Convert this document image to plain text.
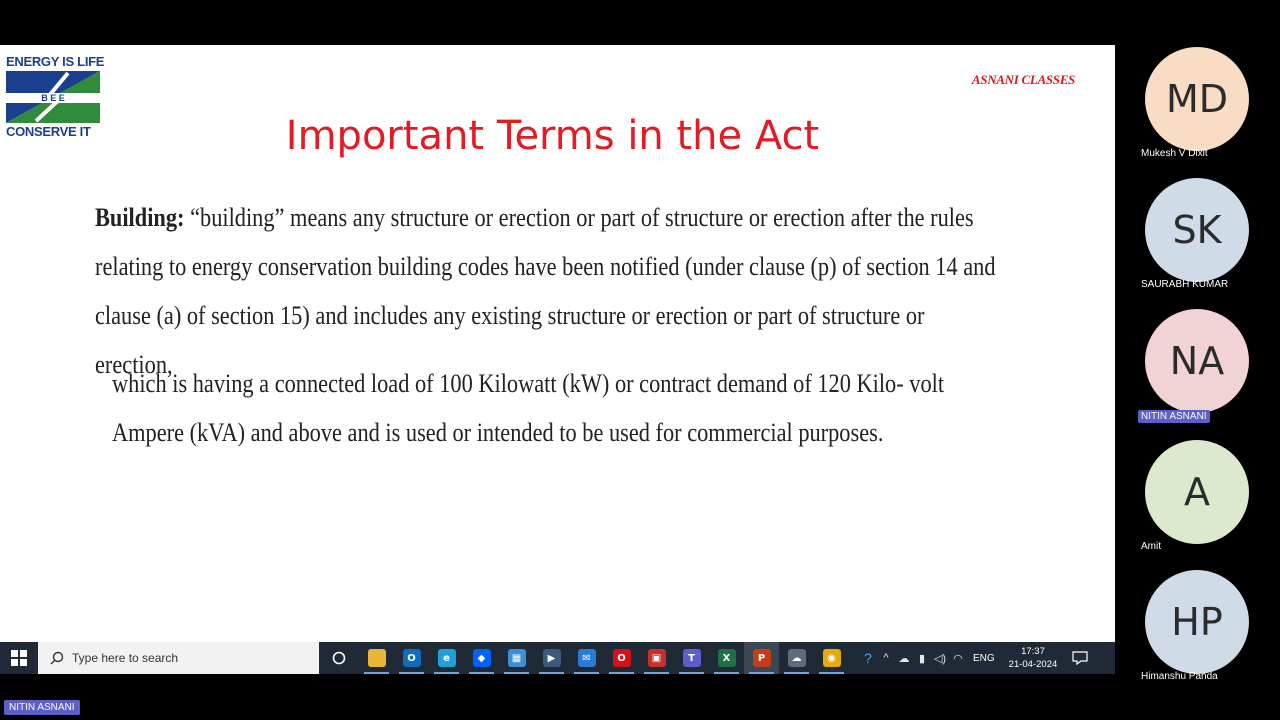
ENERGY IS LIFE
B E E
CONSERVE IT
ASNANI CLASSES
Important Terms in the Act
Building: “building” means any structure or erection or part of structure or erection after the rules relating to energy conservation building codes have been notified (under clause (p) of section 14 and clause (a) of section 15) and includes any existing structure or erection or part of structure or erection,
which is having a connected load of 100 Kilowatt (kW) or contract demand of 120 Kilo- volt Ampere (kVA) and above and is used or intended to be used for commercial purposes.
Type here to search	O	e	◆	▦	▶	✉	O	▣	T	X	P	☁	◉	?	^ ☁ ▮ ◁) ◠	ENG
17:37
21-04-2024
MD
Mukesh V Dixit
SK
SAURABH KUMAR
NA
NITIN ASNANI
A
Amit
HP
Himanshu Panda
NITIN ASNANI
